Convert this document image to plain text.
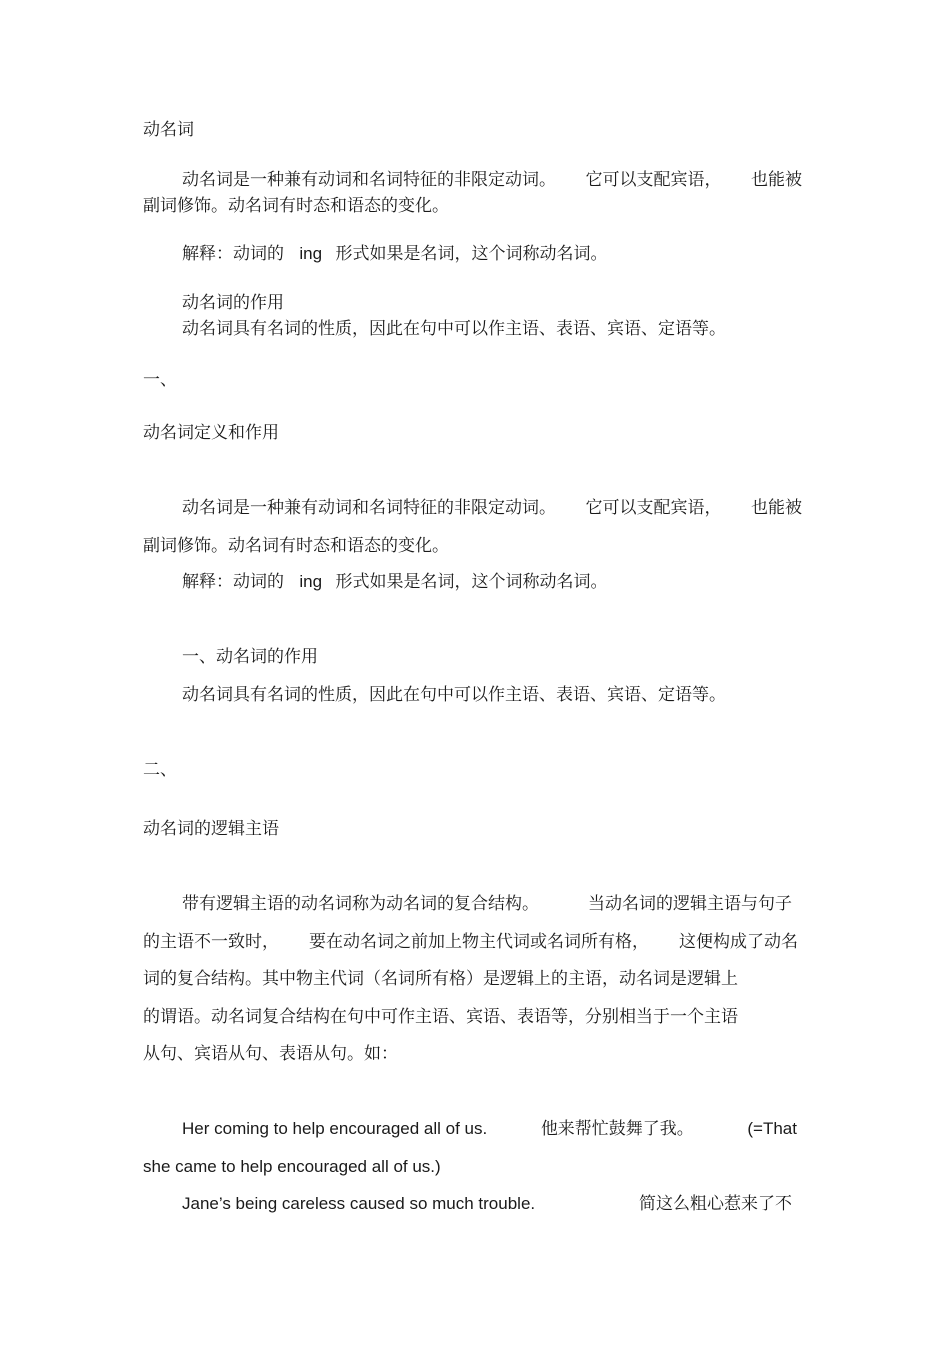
动名词
动名词是一种兼有动词和名词特征的非限定动词。 它可以支配宾语， 也能被
副词修饰。动名词有时态和语态的变化。
解释：动词的 ing 形式如果是名词，这个词称动名词。
动名词的作用
动名词具有名词的性质，因此在句中可以作主语、表语、宾语、定语等。
一、
动名词定义和作用
动名词是一种兼有动词和名词特征的非限定动词。 它可以支配宾语， 也能被
副词修饰。动名词有时态和语态的变化。
解释：动词的 ing 形式如果是名词，这个词称动名词。
一、动名词的作用
动名词具有名词的性质，因此在句中可以作主语、表语、宾语、定语等。
二、
动名词的逻辑主语
带有逻辑主语的动名词称为动名词的复合结构。	当动名词的逻辑主语与句子
的主语不一致时， 要在动名词之前加上物主代词或名词所有格， 这便构成了动名
词的复合结构。其中物主代词（名词所有格）是逻辑上的主语，动名词是逻辑上
的谓语。动名词复合结构在句中可作主语、宾语、表语等，分别相当于一个主语
从句、宾语从句、表语从句。如：
Her coming to help encouraged all of us.	他来帮忙鼓舞了我。	(=That
she came to help encouraged all of us.)
Jane’s being careless caused so much trouble.	简这么粗心惹来了不
